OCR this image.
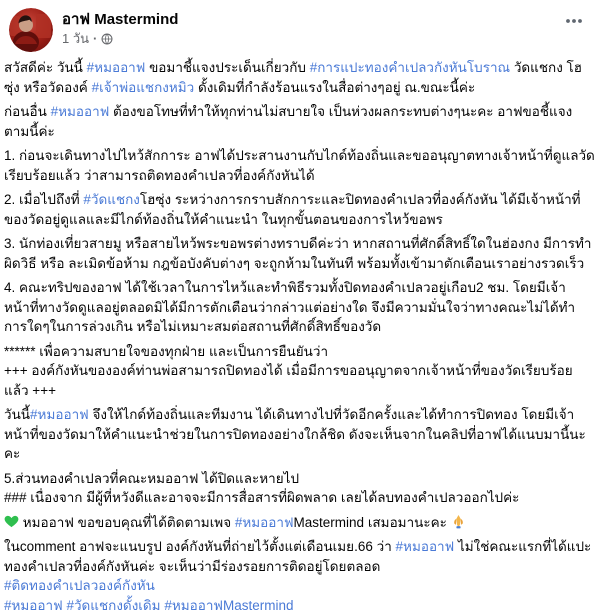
อาฟ Mastermind
1 วัน ·

สวัสดีค่ะ วันนี้ #หมออาฟ ขอมาชี้แจงประเด็นเกี่ยวกับ #การแปะทองคำเปลวกังหันโบราณ วัดแชกง โฮซุ่ง หรือวัดองค์ #เจ้าพ่อแชกงหมิว ดั้งเดิมที่กำลังร้อนแรงในสื่อต่างๆอยู่ ณ.ขณะนี้ค่ะ

ก่อนอื่น #หมออาฟ ต้องขอโทษที่ทำให้ทุกท่านไม่สบายใจ เป็นห่วงผลกระทบต่างๆนะคะ อาฟขอชี้แจงตามนี้ค่ะ

1. ก่อนจะเดินทางไปไหว้สักการะ อาฟได้ประสานงานกับไกด์ท้องถิ่นและขออนุญาตทางเจ้าหน้าที่ดูแลวัดเรียบร้อยแล้ว ว่าสามารถติดทองคำเปลวที่องค์กังหันได้

2. เมื่อไปถึงที่ #วัดแชกงโฮซุ่ง ระหว่างการกราบสักการะและปิดทองคำเปลวที่องค์กังหัน ได้มีเจ้าหน้าที่ของวัดอยู่ดูแลและมีไกด์ท้องถิ่นให้คำแนะนำ ในทุกขั้นตอนของการไหว้ขอพร

3. นักท่องเที่ยวสายมู หรือสายไหว้พระขอพรต่างทราบดีค่ะว่า หากสถานที่ศักดิ์สิทธิ์ใดในฮ่องกง มีการทำผิดวิธี หรือ ละเมิดข้อห้าม กฎข้อบังคับต่างๆ จะถูกห้ามในทันที พร้อมทั้งเข้ามาตักเตือนเราอย่างรวดเร็ว

4. คณะทริปของอาฟ ได้ใช้เวลาในการไหว้และทำพิธีรวมทั้งปิดทองคำเปลวอยู่เกือบ2 ชม. โดยมีเจ้าหน้าที่ทางวัดดูแลอยู่ตลอดมิได้มีการตักเตือนว่ากล่าวแต่อย่างใด จึงมีความมั่นใจว่าทางคณะไม่ได้ทำการใดๆในการล่วงเกิน หรือไม่เหมาะสมต่อสถานที่ศักดิ์สิทธิ์ของวัด

****** เพื่อความสบายใจของทุกฝ่าย และเป็นการยืนยันว่า
+++ องค์กังหันขององค์ท่านพ่อสามารถปิดทองได้ เมื่อมีการขออนุญาตจากเจ้าหน้าที่ของวัดเรียบร้อยแล้ว +++

วันนี้#หมออาฟ จึงให้ไกด์ท้องถิ่นและทีมงาน ได้เดินทางไปที่วัดอีกครั้งและได้ทำการปิดทอง โดยมีเจ้าหน้าที่ของวัดมาให้คำแนะนำช่วยในการปิดทองอย่างใกล้ชิด ดังจะเห็นจากในคลิปที่อาฟได้แนบมานี้นะคะ

5.ส่วนทองคำเปลวที่คณะหมออาฟ ได้ปิดและหายไป
### เนื่องจาก มีผู้ที่หวังดีและอาจจะมีการสื่อสารที่ผิดพลาด เลยได้ลบทองคำเปลวออกไปค่ะ

หมออาฟ ขอขอบคุณที่ได้ติดตามเพจ #หมออาฟMastermind เสมอมานะคะ

ในcomment อาฟจะแนบรูป องค์กังหันที่ถ่ายไว้ตั้งแต่เดือนเมย.66 ว่า #หมออาฟ ไม่ใช่คณะแรกที่ได้แปะทองคำเปลวที่องค์กังหันค่ะ จะเห็นว่ามีร่องรอยการติดอยู่โดยตลอด
#ติดทองคำเปลวองค์กังหัน
#หมออาฟ #วัดแชกงดั้งเดิม #หมออาฟMastermind
